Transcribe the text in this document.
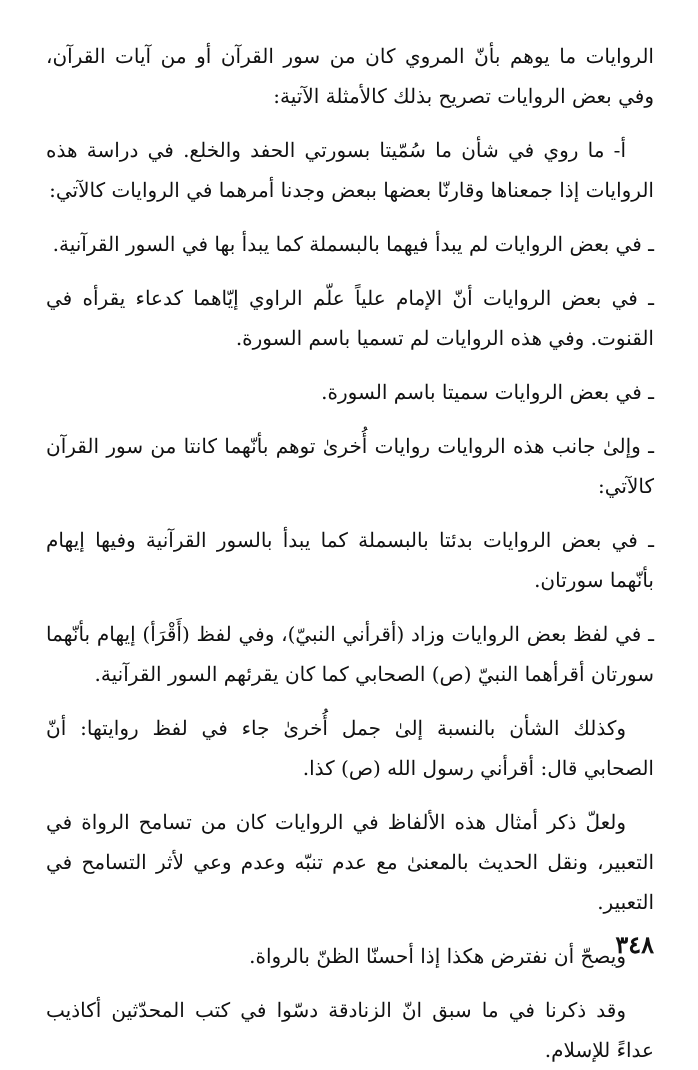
الروايات ما يوهم بأنّ المروي كان من سور القرآن أو من آيات القرآن، وفي بعض الروايات تصريح بذلك كالأمثلة الآتية:

أ- ما روي في شأن ما سُمّيتا بسورتي الحفد والخلع. في دراسة هذه الروايات إذا جمعناها وقارنّا بعضها ببعض وجدنا أمرهما في الروايات كالآتي:

ـ في بعض الروايات لم يبدأ فيهما بالبسملة كما يبدأ بها في السور القرآنية.

ـ في بعض الروايات أنّ الإمام علياً علّم الراوي إيّاهما كدعاء يقرأه في القنوت. وفي هذه الروايات لم تسميا باسم السورة.

ـ في بعض الروايات سميتا باسم السورة.

ـ وإلىٰ جانب هذه الروايات روايات أُخرىٰ توهم بأنّهما كانتا من سور القرآن كالآتي:

ـ في بعض الروايات بدئتا بالبسملة كما يبدأ بالسور القرآنية وفيها إيهام بأنّهما سورتان.

ـ في لفظ بعض الروايات وزاد (أقرأني النبيّ)، وفي لفظ (أَقْرَأ) إيهام بأنّهما سورتان أقرأهما النبيّ (ص) الصحابي كما كان يقرئهم السور القرآنية.

وكذلك الشأن بالنسبة إلىٰ جمل أُخرىٰ جاء في لفظ روايتها: أنّ الصحابي قال: أقرأني رسول الله (ص) كذا.

ولعلّ ذكر أمثال هذه الألفاظ في الروايات كان من تسامح الرواة في التعبير، ونقل الحديث بالمعنىٰ مع عدم تنبّه وعدم وعي لأثر التسامح في التعبير.

ويصحّ أن نفترض هكذا إذا أحسنّا الظنّ بالرواة.

وقد ذكرنا في ما سبق انّ الزنادقة دسّوا في كتب المحدّثين أكاذيب عداءً للإسلام.

٣٤٨
